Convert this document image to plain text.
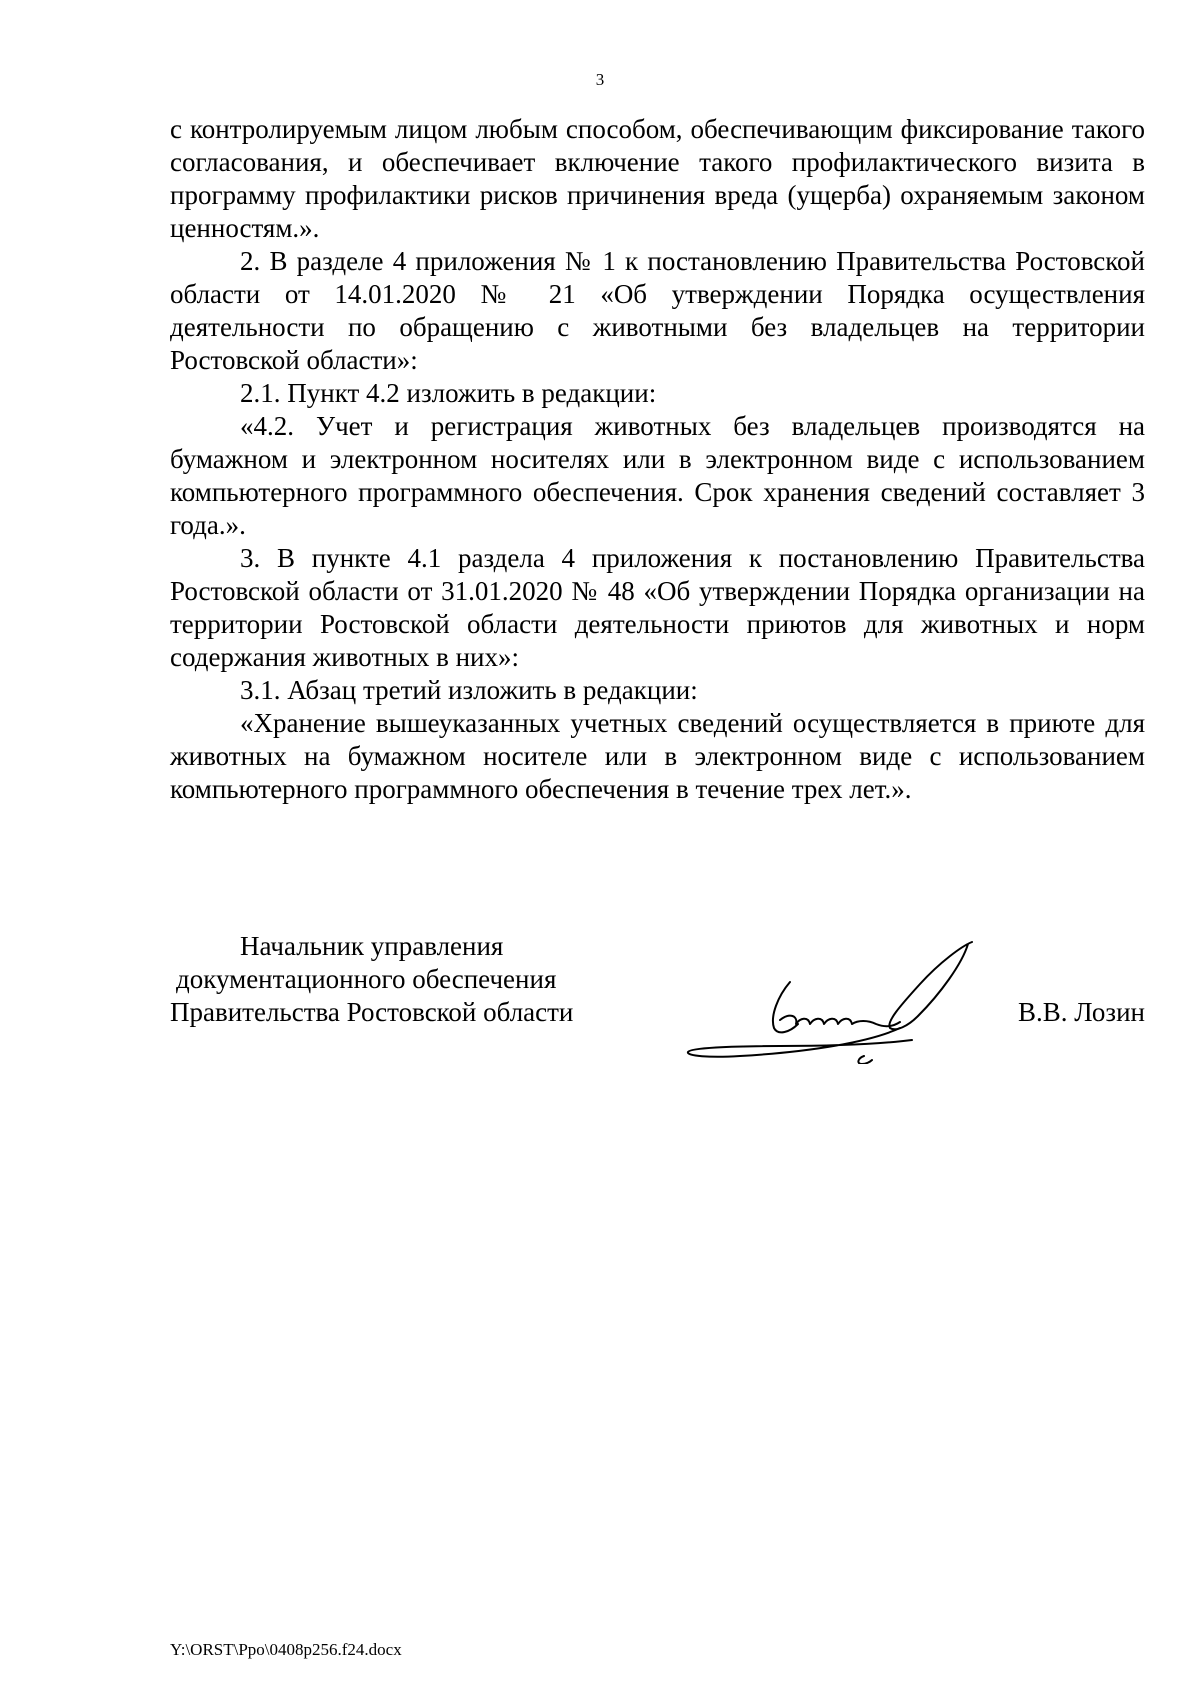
3

с контролируемым лицом любым способом, обеспечивающим фиксирование такого согласования, и обеспечивает включение такого профилактического визита в программу профилактики рисков причинения вреда (ущерба) охраняемым законом ценностям.».

2. В разделе 4 приложения № 1 к постановлению Правительства Ростовской области от 14.01.2020 № 21 «Об утверждении Порядка осуществления деятельности по обращению с животными без владельцев на территории Ростовской области»:

2.1. Пункт 4.2 изложить в редакции:

«4.2. Учет и регистрация животных без владельцев производятся на бумажном и электронном носителях или в электронном виде с использованием компьютерного программного обеспечения. Срок хранения сведений составляет 3 года.».

3. В пункте 4.1 раздела 4 приложения к постановлению Правительства Ростовской области от 31.01.2020 № 48 «Об утверждении Порядка организации на территории Ростовской области деятельности приютов для животных и норм содержания животных в них»:

3.1. Абзац третий изложить в редакции:

«Хранение вышеуказанных учетных сведений осуществляется в приюте для животных на бумажном носителе или в электронном виде с использованием компьютерного программного обеспечения в течение трех лет.».

Начальник управления
документационного обеспечения
Правительства Ростовской области	В.В. Лозин
Y:\ORST\Ppo\0408p256.f24.docx
